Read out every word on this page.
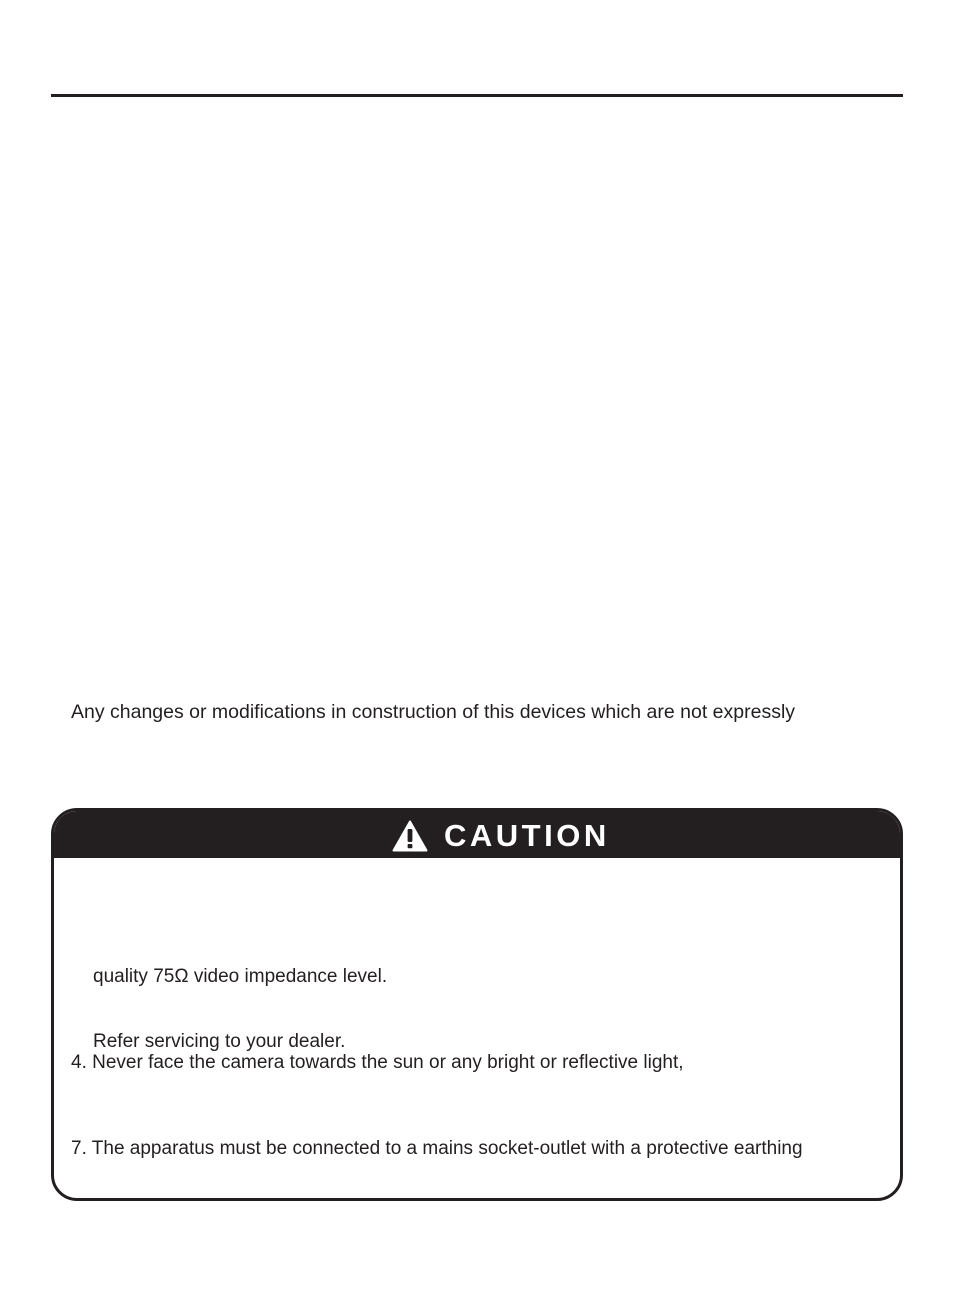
Any changes or modifications in construction of this devices which are not expressly
CAUTION
quality 75Ω video impedance level.
Refer servicing to your dealer.
4. Never face the camera towards the sun or any bright or reflective light,
7. The apparatus must be connected to a mains socket-outlet with a protective earthing
